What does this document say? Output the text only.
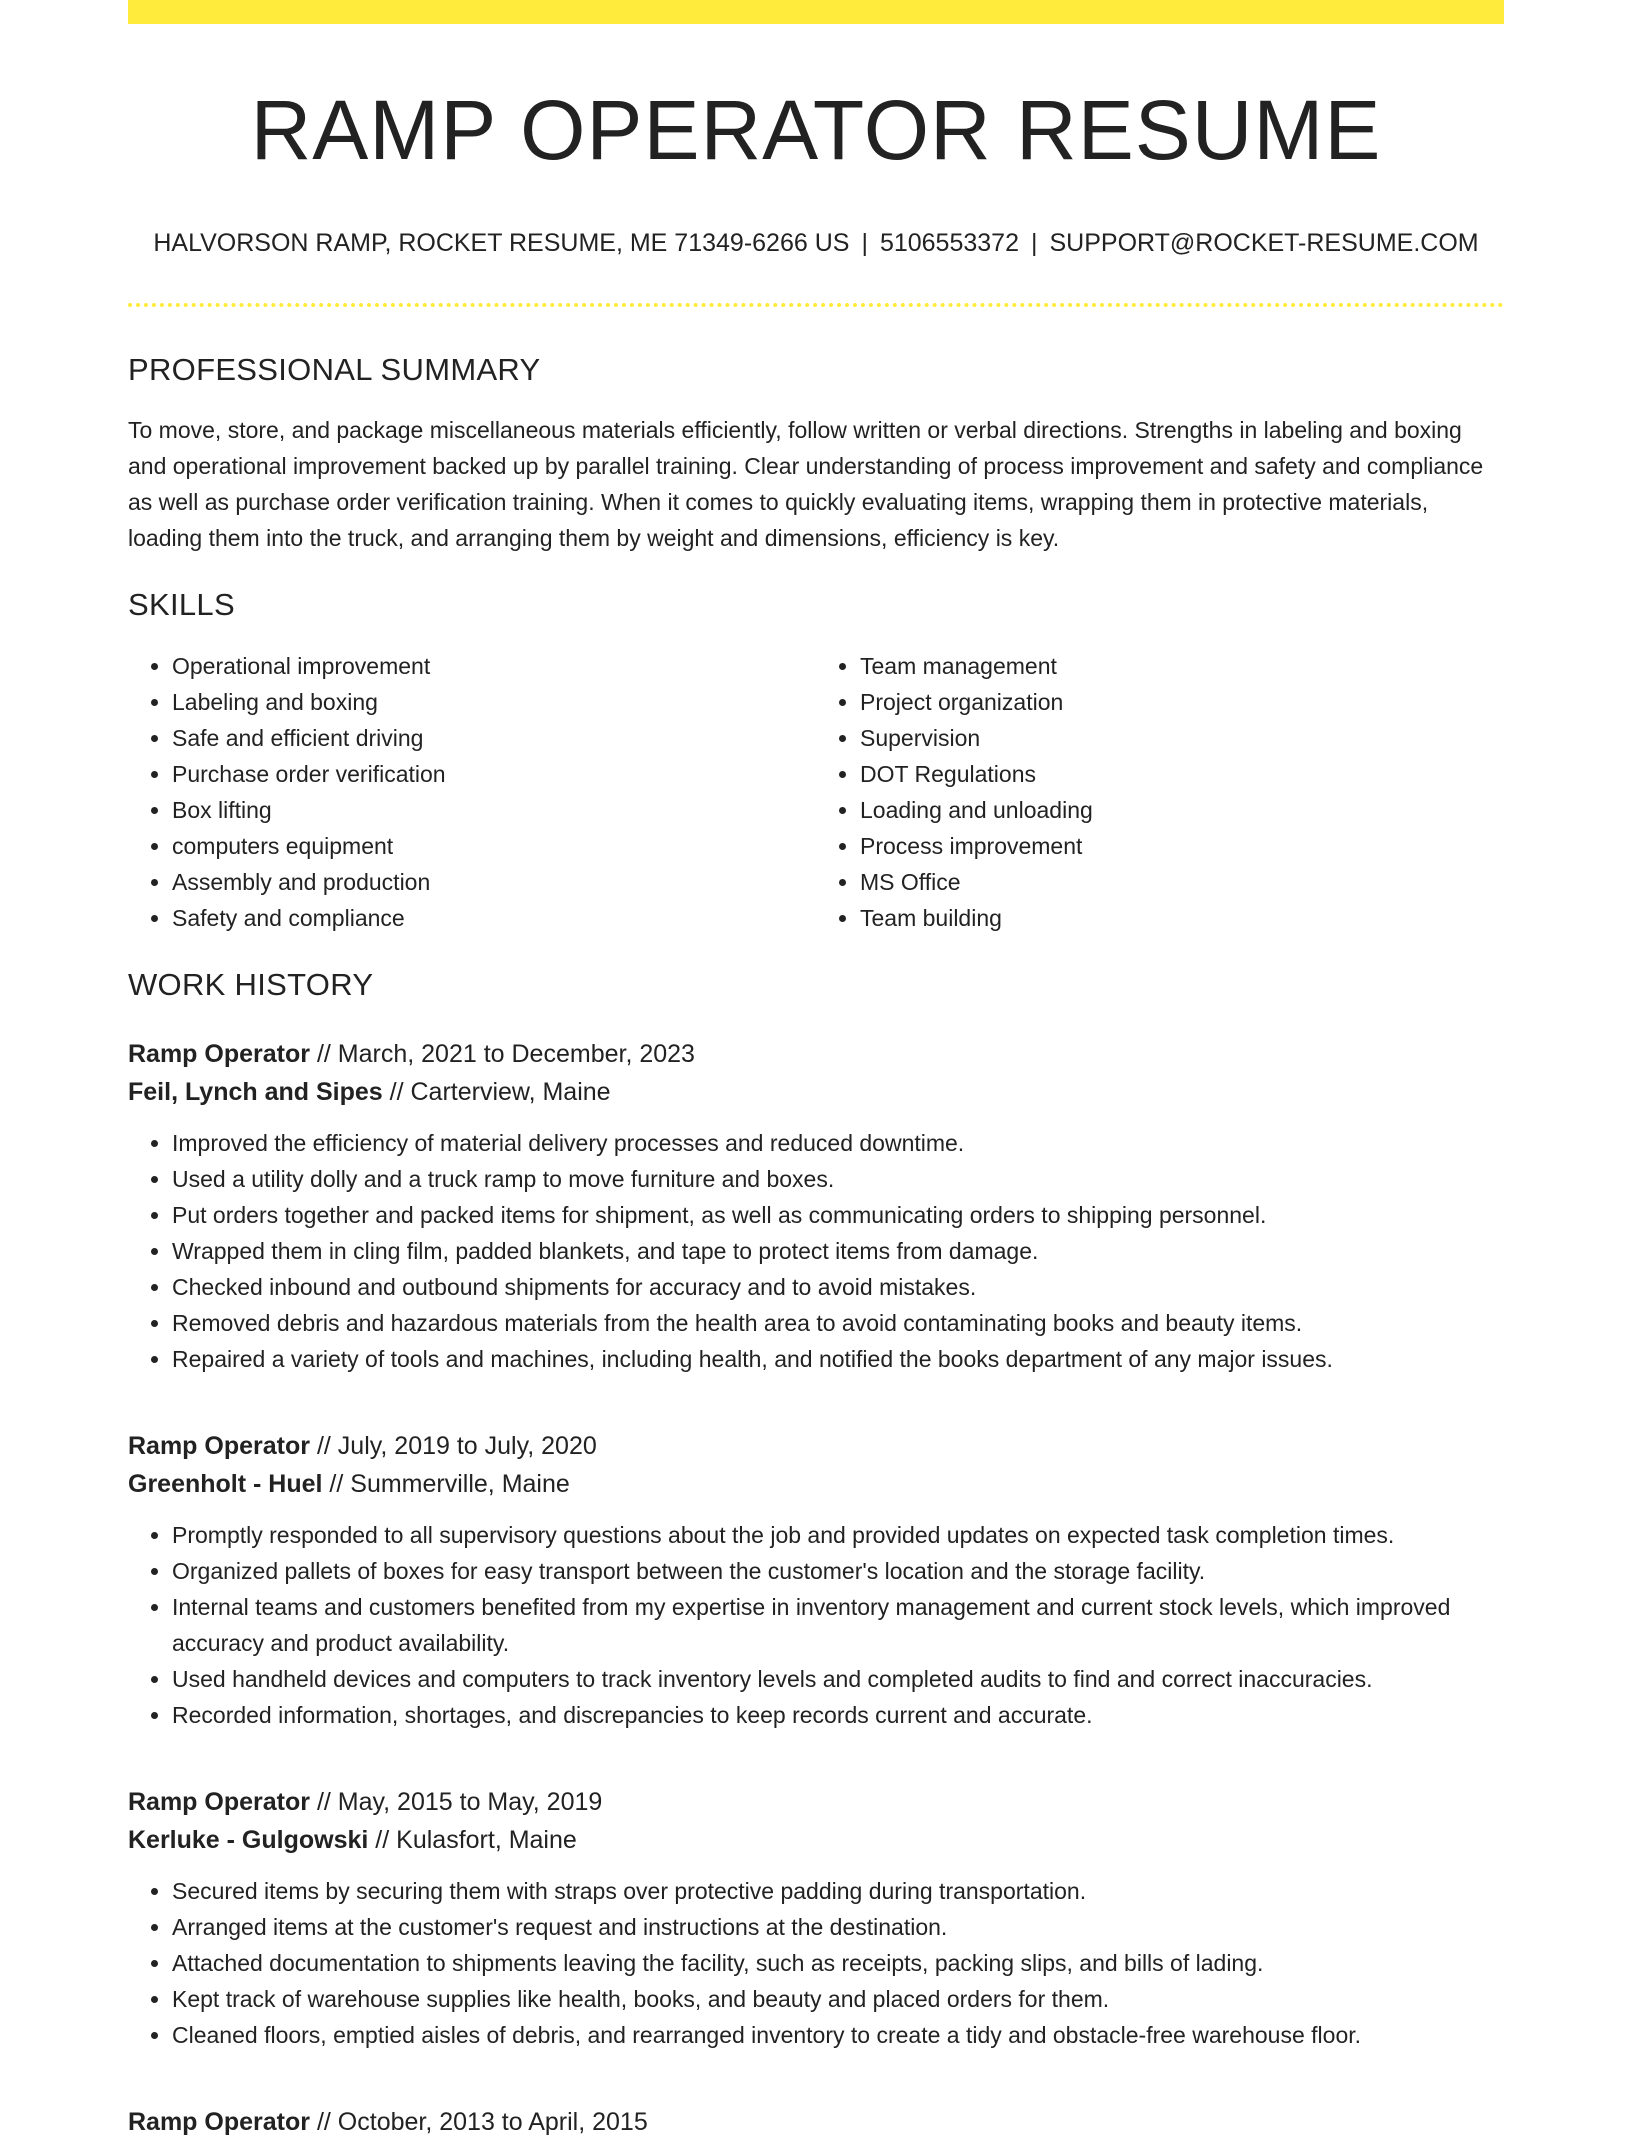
RAMP OPERATOR RESUME
HALVORSON RAMP, ROCKET RESUME, ME 71349-6266 US | 5106553372 | SUPPORT@ROCKET-RESUME.COM
PROFESSIONAL SUMMARY

To move, store, and package miscellaneous materials efficiently, follow written or verbal directions. Strengths in labeling and boxing and operational improvement backed up by parallel training. Clear understanding of process improvement and safety and compliance as well as purchase order verification training. When it comes to quickly evaluating items, wrapping them in protective materials, loading them into the truck, and arranging them by weight and dimensions, efficiency is key.

SKILLS
• Operational improvement
• Labeling and boxing
• Safe and efficient driving
• Purchase order verification
• Box lifting
• computers equipment
• Assembly and production
• Safety and compliance
• Team management
• Project organization
• Supervision
• DOT Regulations
• Loading and unloading
• Process improvement
• MS Office
• Team building
WORK HISTORY
Ramp Operator // March, 2021 to December, 2023
Feil, Lynch and Sipes // Carterview, Maine
• Improved the efficiency of material delivery processes and reduced downtime.
• Used a utility dolly and a truck ramp to move furniture and boxes.
• Put orders together and packed items for shipment, as well as communicating orders to shipping personnel.
• Wrapped them in cling film, padded blankets, and tape to protect items from damage.
• Checked inbound and outbound shipments for accuracy and to avoid mistakes.
• Removed debris and hazardous materials from the health area to avoid contaminating books and beauty items.
• Repaired a variety of tools and machines, including health, and notified the books department of any major issues.
Ramp Operator // July, 2019 to July, 2020
Greenholt - Huel // Summerville, Maine
• Promptly responded to all supervisory questions about the job and provided updates on expected task completion times.
• Organized pallets of boxes for easy transport between the customer's location and the storage facility.
• Internal teams and customers benefited from my expertise in inventory management and current stock levels, which improved accuracy and product availability.
• Used handheld devices and computers to track inventory levels and completed audits to find and correct inaccuracies.
• Recorded information, shortages, and discrepancies to keep records current and accurate.
Ramp Operator // May, 2015 to May, 2019
Kerluke - Gulgowski // Kulasfort, Maine
• Secured items by securing them with straps over protective padding during transportation.
• Arranged items at the customer's request and instructions at the destination.
• Attached documentation to shipments leaving the facility, such as receipts, packing slips, and bills of lading.
• Kept track of warehouse supplies like health, books, and beauty and placed orders for them.
• Cleaned floors, emptied aisles of debris, and rearranged inventory to create a tidy and obstacle-free warehouse floor.
Ramp Operator // October, 2013 to April, 2015
